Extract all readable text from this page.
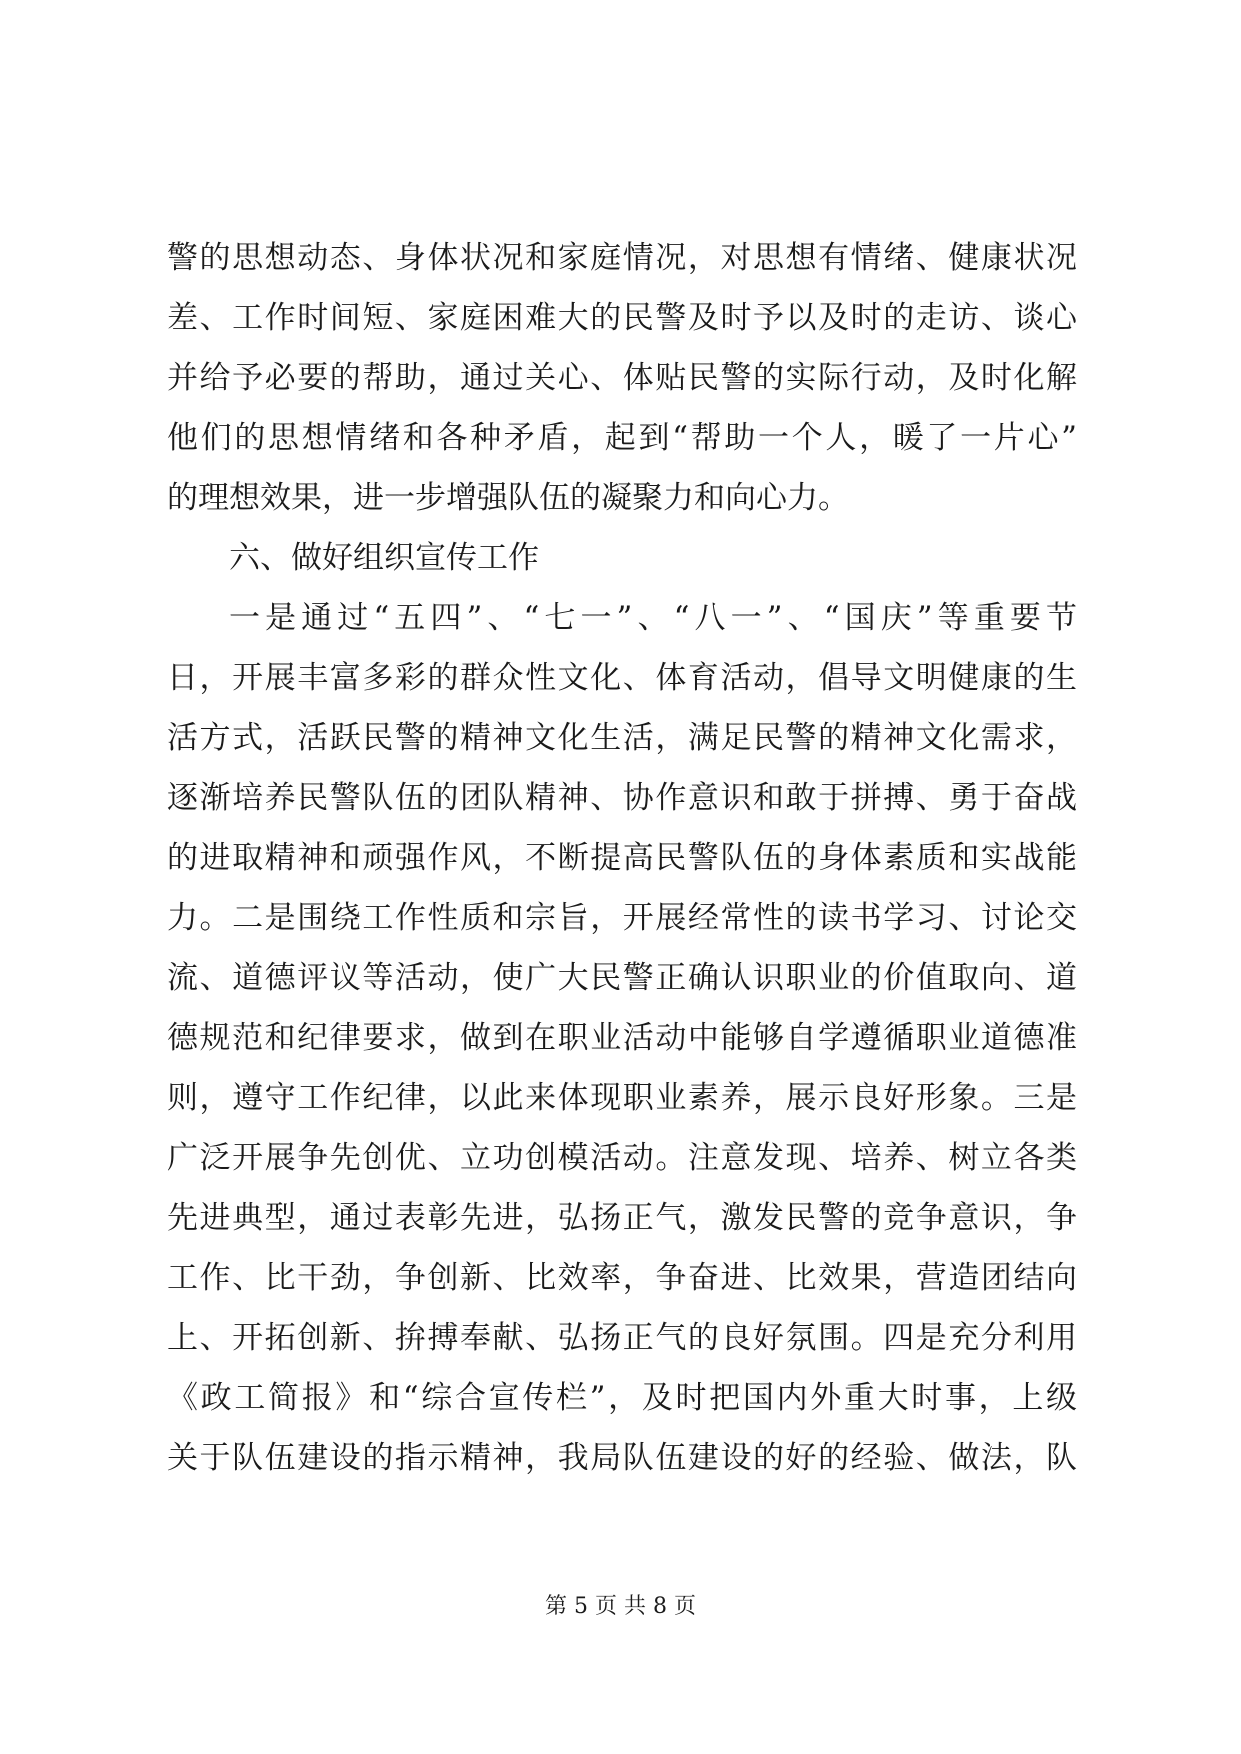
警的思想动态、身体状况和家庭情况，对思想有情绪、健康状况
差、工作时间短、家庭困难大的民警及时予以及时的走访、谈心
并给予必要的帮助，通过关心、体贴民警的实际行动，及时化解
他们的思想情绪和各种矛盾，起到“帮助一个人，暖了一片心”
的理想效果，进一步增强队伍的凝聚力和向心力。
六、做好组织宣传工作
一是通过“五四”、“七一”、“八一”、“国庆”等重要节
日，开展丰富多彩的群众性文化、体育活动，倡导文明健康的生
活方式，活跃民警的精神文化生活，满足民警的精神文化需求，
逐渐培养民警队伍的团队精神、协作意识和敢于拼搏、勇于奋战
的进取精神和顽强作风，不断提高民警队伍的身体素质和实战能
力。二是围绕工作性质和宗旨，开展经常性的读书学习、讨论交
流、道德评议等活动，使广大民警正确认识职业的价值取向、道
德规范和纪律要求，做到在职业活动中能够自学遵循职业道德准
则，遵守工作纪律，以此来体现职业素养，展示良好形象。三是
广泛开展争先创优、立功创模活动。注意发现、培养、树立各类
先进典型，通过表彰先进，弘扬正气，激发民警的竞争意识，争
工作、比干劲，争创新、比效率，争奋进、比效果，营造团结向
上、开拓创新、拚搏奉献、弘扬正气的良好氛围。四是充分利用
《政工简报》和“综合宣传栏”，及时把国内外重大时事，上级
关于队伍建设的指示精神，我局队伍建设的好的经验、做法，队
第 5 页 共 8 页
